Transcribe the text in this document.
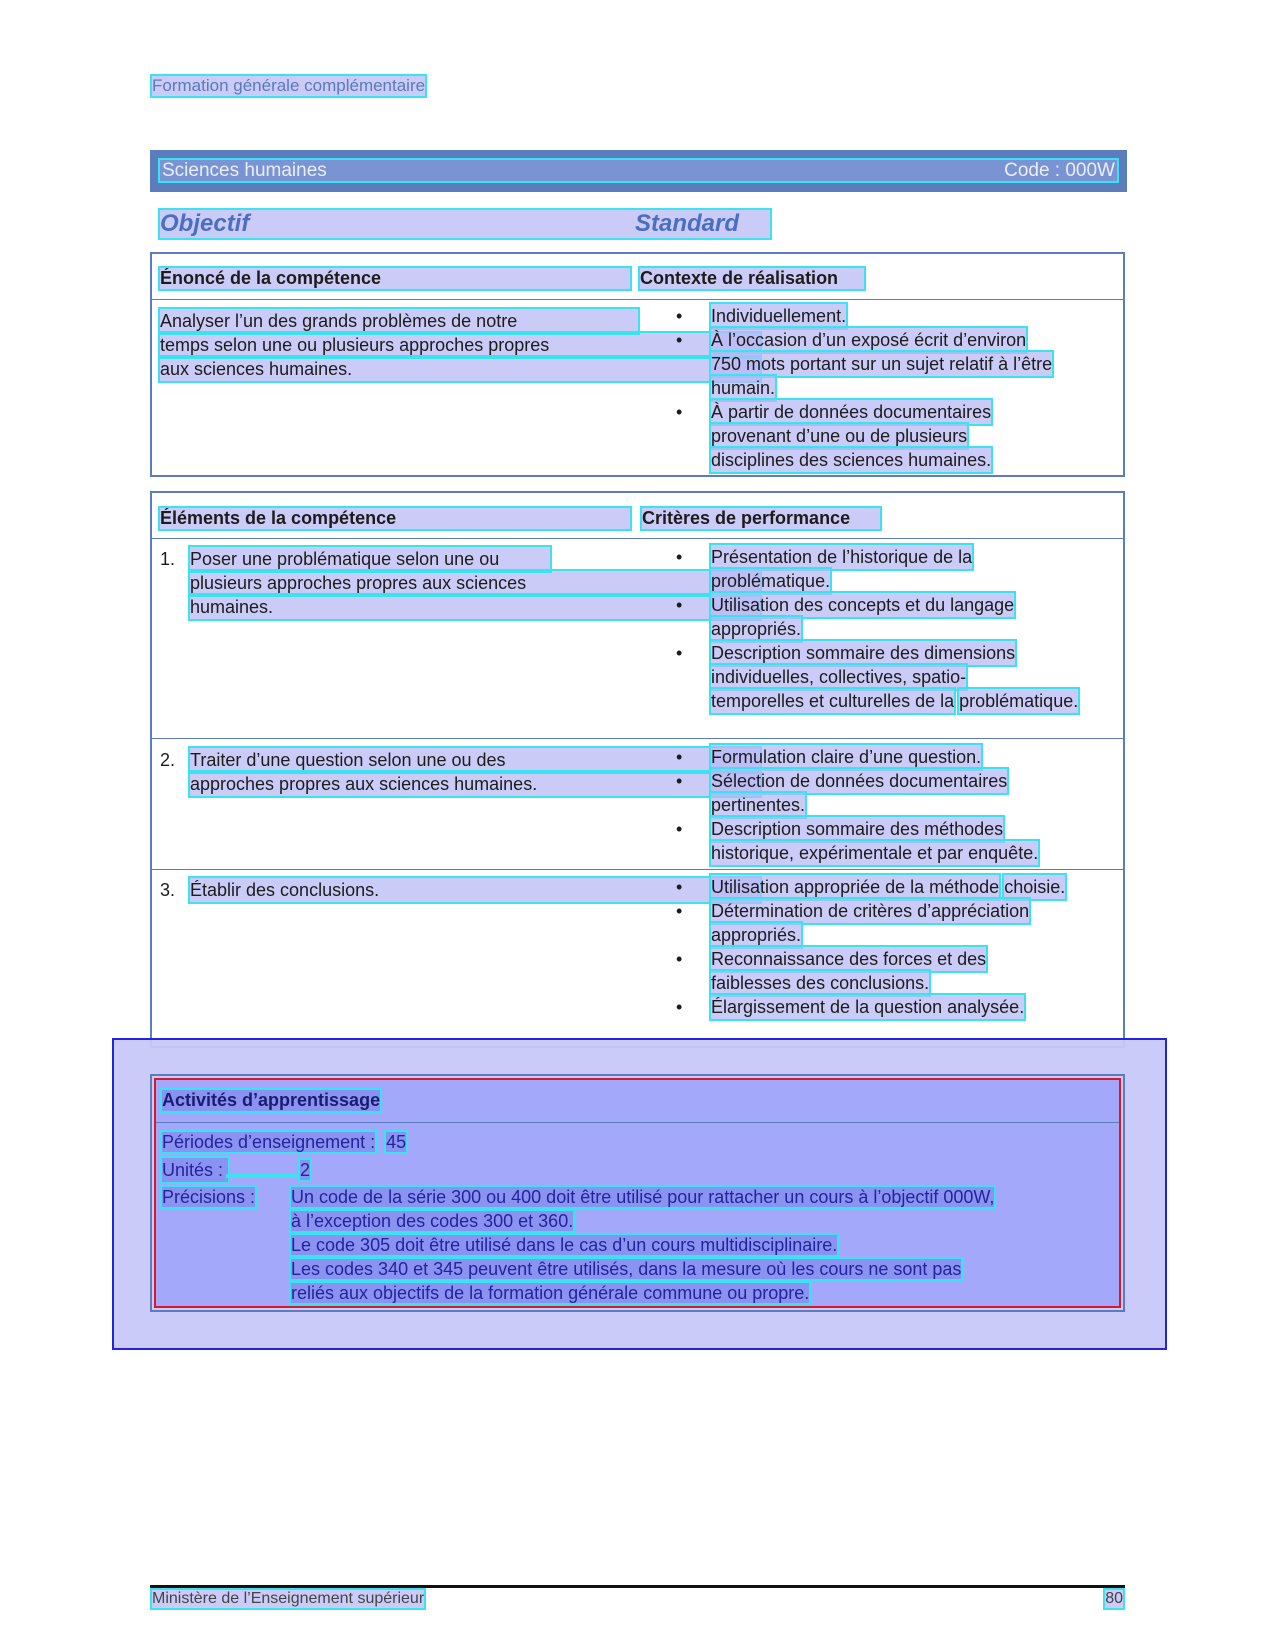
Formation générale complémentaire
Sciences humaines	Code : 000W
Objectif	Standard
Énoncé de la compétence	Contexte de réalisation
Analyser l’un des grands problèmes de notre
temps selon une ou plusieurs approches propres
aux sciences humaines.
• Individuellement.
• À l’occasion d’un exposé écrit d’environ 750 mots portant sur un sujet relatif à l’être humain.
• À partir de données documentaires provenant d’une ou de plusieurs disciplines des sciences humaines.
Éléments de la compétence	Critères de performance
1. Poser une problématique selon une ou
plusieurs approches propres aux sciences
humaines.
• Présentation de l’historique de la problématique.
• Utilisation des concepts et du langage appropriés.
• Description sommaire des dimensions individuelles, collectives, spatio- temporelles et culturelles de la problématique.
2. Traiter d’une question selon une ou des
approches propres aux sciences humaines.
• Formulation claire d’une question.
• Sélection de données documentaires pertinentes.
• Description sommaire des méthodes historique, expérimentale et par enquête.
3. Établir des conclusions.
•	Utilisation appropriée de la méthode choisie.
• Détermination de critères d’appréciation appropriés.
• Reconnaissance des forces et des faiblesses des conclusions.
• Élargissement de la question analysée.
Activités d’apprentissage
Périodes d’enseignement : 45
Unités :	2
Précisions : Un code de la série 300 ou 400 doit être utilisé pour rattacher un cours à l’objectif 000W,
à l’exception des codes 300 et 360.
Le code 305 doit être utilisé dans le cas d’un cours multidisciplinaire.
Les codes 340 et 345 peuvent être utilisés, dans la mesure où les cours ne sont pas
reliés aux objectifs de la formation générale commune ou propre.
Ministère de l’Enseignement supérieur	80
